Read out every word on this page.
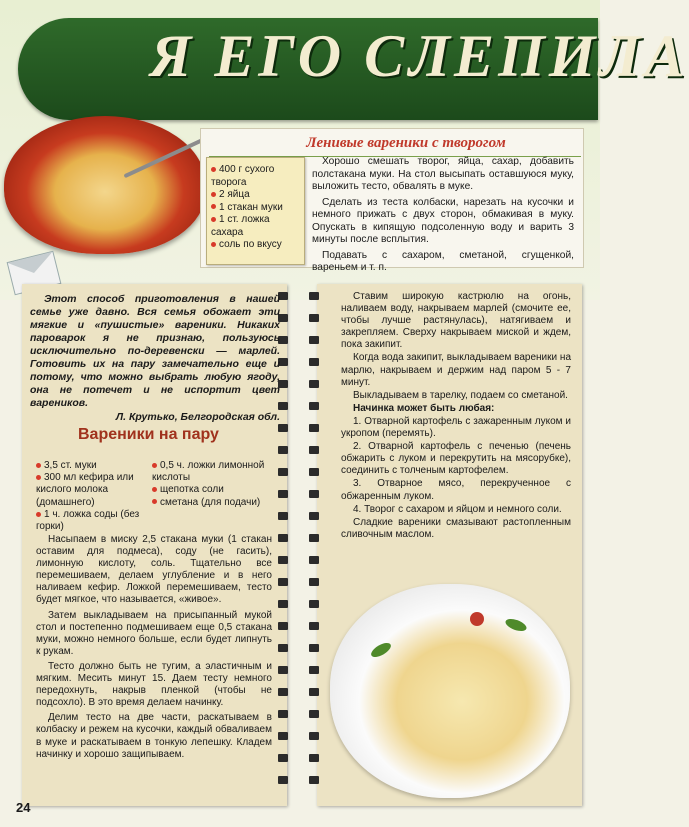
Я ЕГО СЛЕПИЛА
Ленивые вареники с творогом
400 г сухого творога
2 яйца
1 стакан муки
1 ст. ложка сахара
соль по вкусу

Хорошо смешать творог, яйца, сахар, добавить полстакана муки. На стол высыпать оставшуюся муку, выложить тесто, обвалять в муке.

Сделать из теста колбаски, нарезать на кусочки и немного прижать с двух сторон, обмакивая в муку. Опускать в кипящую подсоленную воду и варить 3 минуты после всплытия.

Подавать с сахаром, сметаной, сгущенкой, вареньем и т. п.

Этот способ приготовления в нашей семье уже давно. Вся семья обожает эти мягкие и «пушистые» вареники. Никаких пароварок я не признаю, пользуюсь исключительно по-деревенски — марлей. Готовить их на пару замечательно еще и потому, что можно выбрать любую ягоду, она не потечет и не испортит цвет вареников.

Л. Крутько, Белгородская обл.
Вареники на пару
3,5 ст. муки
300 мл кефира или кислого молока (домашнего)
1 ч. ложка соды (без горки)
0,5 ч. ложки лимонной кислоты
щепотка соли
сметана (для подачи)

Насыпаем в миску 2,5 стакана муки (1 стакан оставим для подмеса), соду (не гасить), лимонную кислоту, соль. Тщательно все перемешиваем, делаем углубление и в него наливаем кефир. Ложкой перемешиваем, тесто будет мягкое, что называется, «живое».

Затем выкладываем на присыпанный мукой стол и постепенно подмешиваем еще 0,5 стакана муки, можно немного больше, если будет липнуть к рукам.

Тесто должно быть не тугим, а эластичным и мягким. Месить минут 15. Даем тесту немного передохнуть, накрыв пленкой (чтобы не подсохло). В это время делаем начинку.

Делим тесто на две части, раскатываем в колбаску и режем на кусочки, каждый обваливаем в муке и раскатываем в тонкую лепешку. Кладем начинку и хорошо защипываем.

Ставим широкую кастрюлю на огонь, наливаем воду, накрываем марлей (смочите ее, чтобы лучше растянулась), натягиваем и закрепляем. Сверху накрываем миской и ждем, пока закипит.

Когда вода закипит, выкладываем вареники на марлю, накрываем и держим над паром 5 - 7 минут.

Выкладываем в тарелку, подаем со сметаной.

Начинка может быть любая:

1. Отварной картофель с зажаренным луком и укропом (перемять).

2. Отварной картофель с печенью (печень обжарить с луком и перекрутить на мясорубке), соединить с толченым картофелем.

3. Отварное мясо, перекрученное с обжаренным луком.

4. Творог с сахаром и яйцом и немного соли.

Сладкие вареники смазывают растопленным сливочным маслом.

24
